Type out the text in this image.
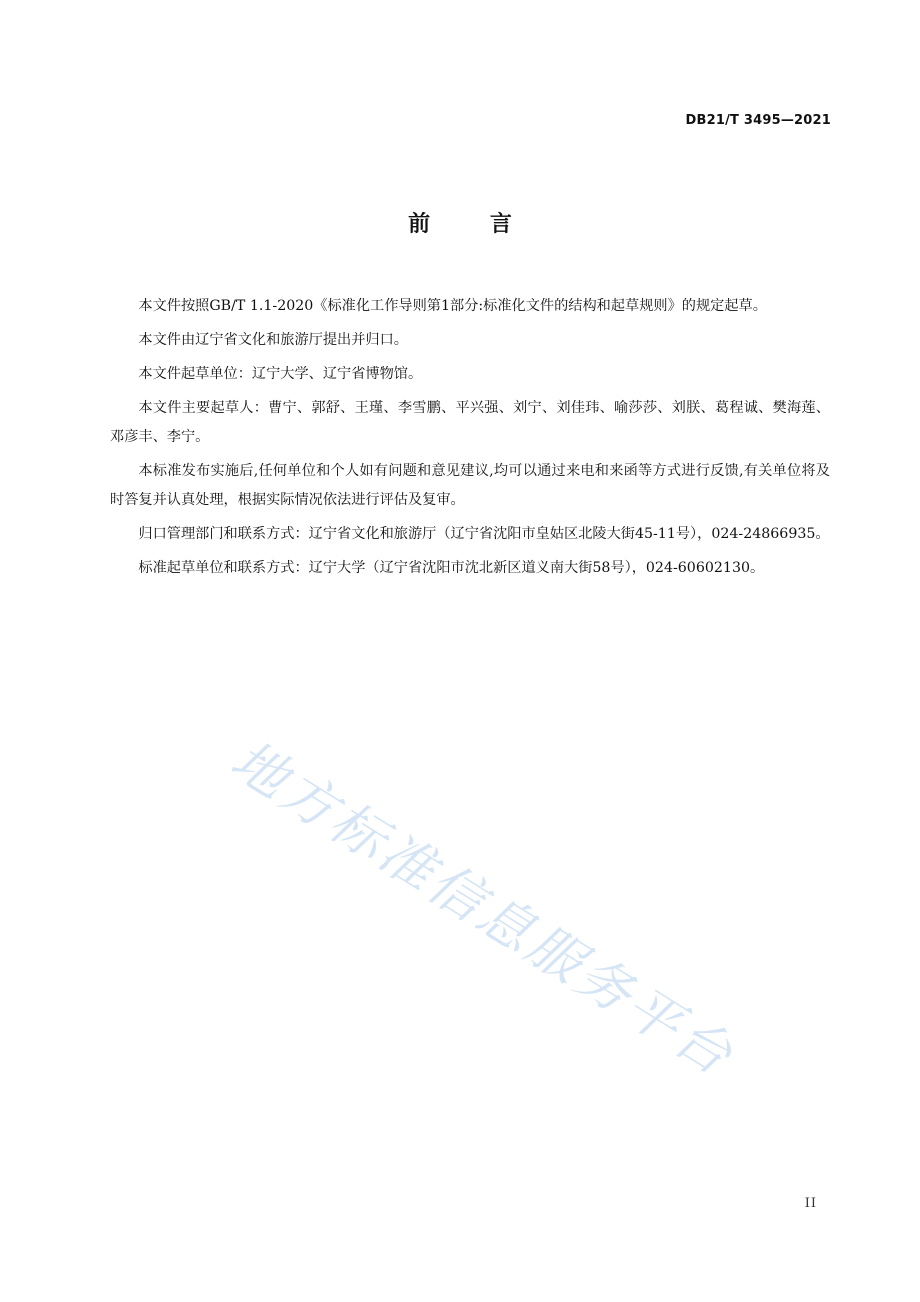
DB21/T 3495—2021
前 言

本文件按照GB/T 1.1-2020《标准化工作导则第1部分:标准化文件的结构和起草规则》的规定起草。

本文件由辽宁省文化和旅游厅提出并归口。

本文件起草单位：辽宁大学、辽宁省博物馆。

本文件主要起草人：曹宁、郭舒、王瑾、李雪鹏、平兴强、刘宁、刘佳玮、喻莎莎、刘朕、葛程诚、樊海莲、邓彦丰、李宁。

本标准发布实施后,任何单位和个人如有问题和意见建议,均可以通过来电和来函等方式进行反馈,有关单位将及时答复并认真处理，根据实际情况依法进行评估及复审。

归口管理部门和联系方式：辽宁省文化和旅游厅（辽宁省沈阳市皇姑区北陵大街45-11号），024-24866935。

标准起草单位和联系方式：辽宁大学（辽宁省沈阳市沈北新区道义南大街58号），024-60602130。

地方标准信息服务平台
II
